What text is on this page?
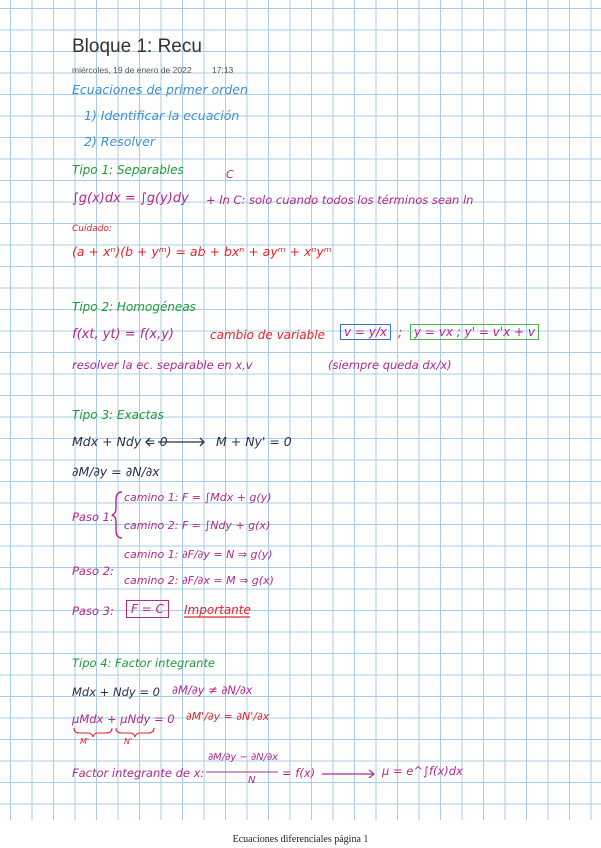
Bloque 1: Recu
miércoles, 19 de enero de 2022 17:13
Ecuaciones de primer orden
1) Identificar la ecuación
2) Resolver
Tipo 1: Separables	C
∫g(x)dx = ∫g(y)dy + ln C: solo cuando todos los términos sean ln
Cuidado:
(a + xⁿ)(b + yᵐ) = ab + bxⁿ + ayᵐ + xⁿyᵐ
Tipo 2: Homogéneas
f(xt, yt) = f(x,y)	cambio de variable	v = y/x ; y = vx ; y' = v'x + v
resolver la ec. separable en x,v	(siempre queda dx/x)
Tipo 3: Exactas
Mdx + Ndy = 0	M + Ny' = 0
∂M/∂y = ∂N/∂x
Paso 1:
camino 1: F = ∫Mdx + g(y)
camino 2: F = ∫Ndy + g(x)
Paso 2:
camino 1: ∂F/∂y = N ⇒ g(y)
camino 2: ∂F/∂x = M ⇒ g(x)
Paso 3:	F = C	Importante
Tipo 4: Factor integrante
Mdx + Ndy = 0 ∂M/∂y ≠ ∂N/∂x
μMdx + μNdy = 0 ∂M'/∂y = ∂N'/∂x
M'	N'
Factor integrante de x:
∂M/∂y − ∂N/∂x
N
= f(x)	μ = e^∫f(x)dx
Ecuaciones diferenciales página 1
